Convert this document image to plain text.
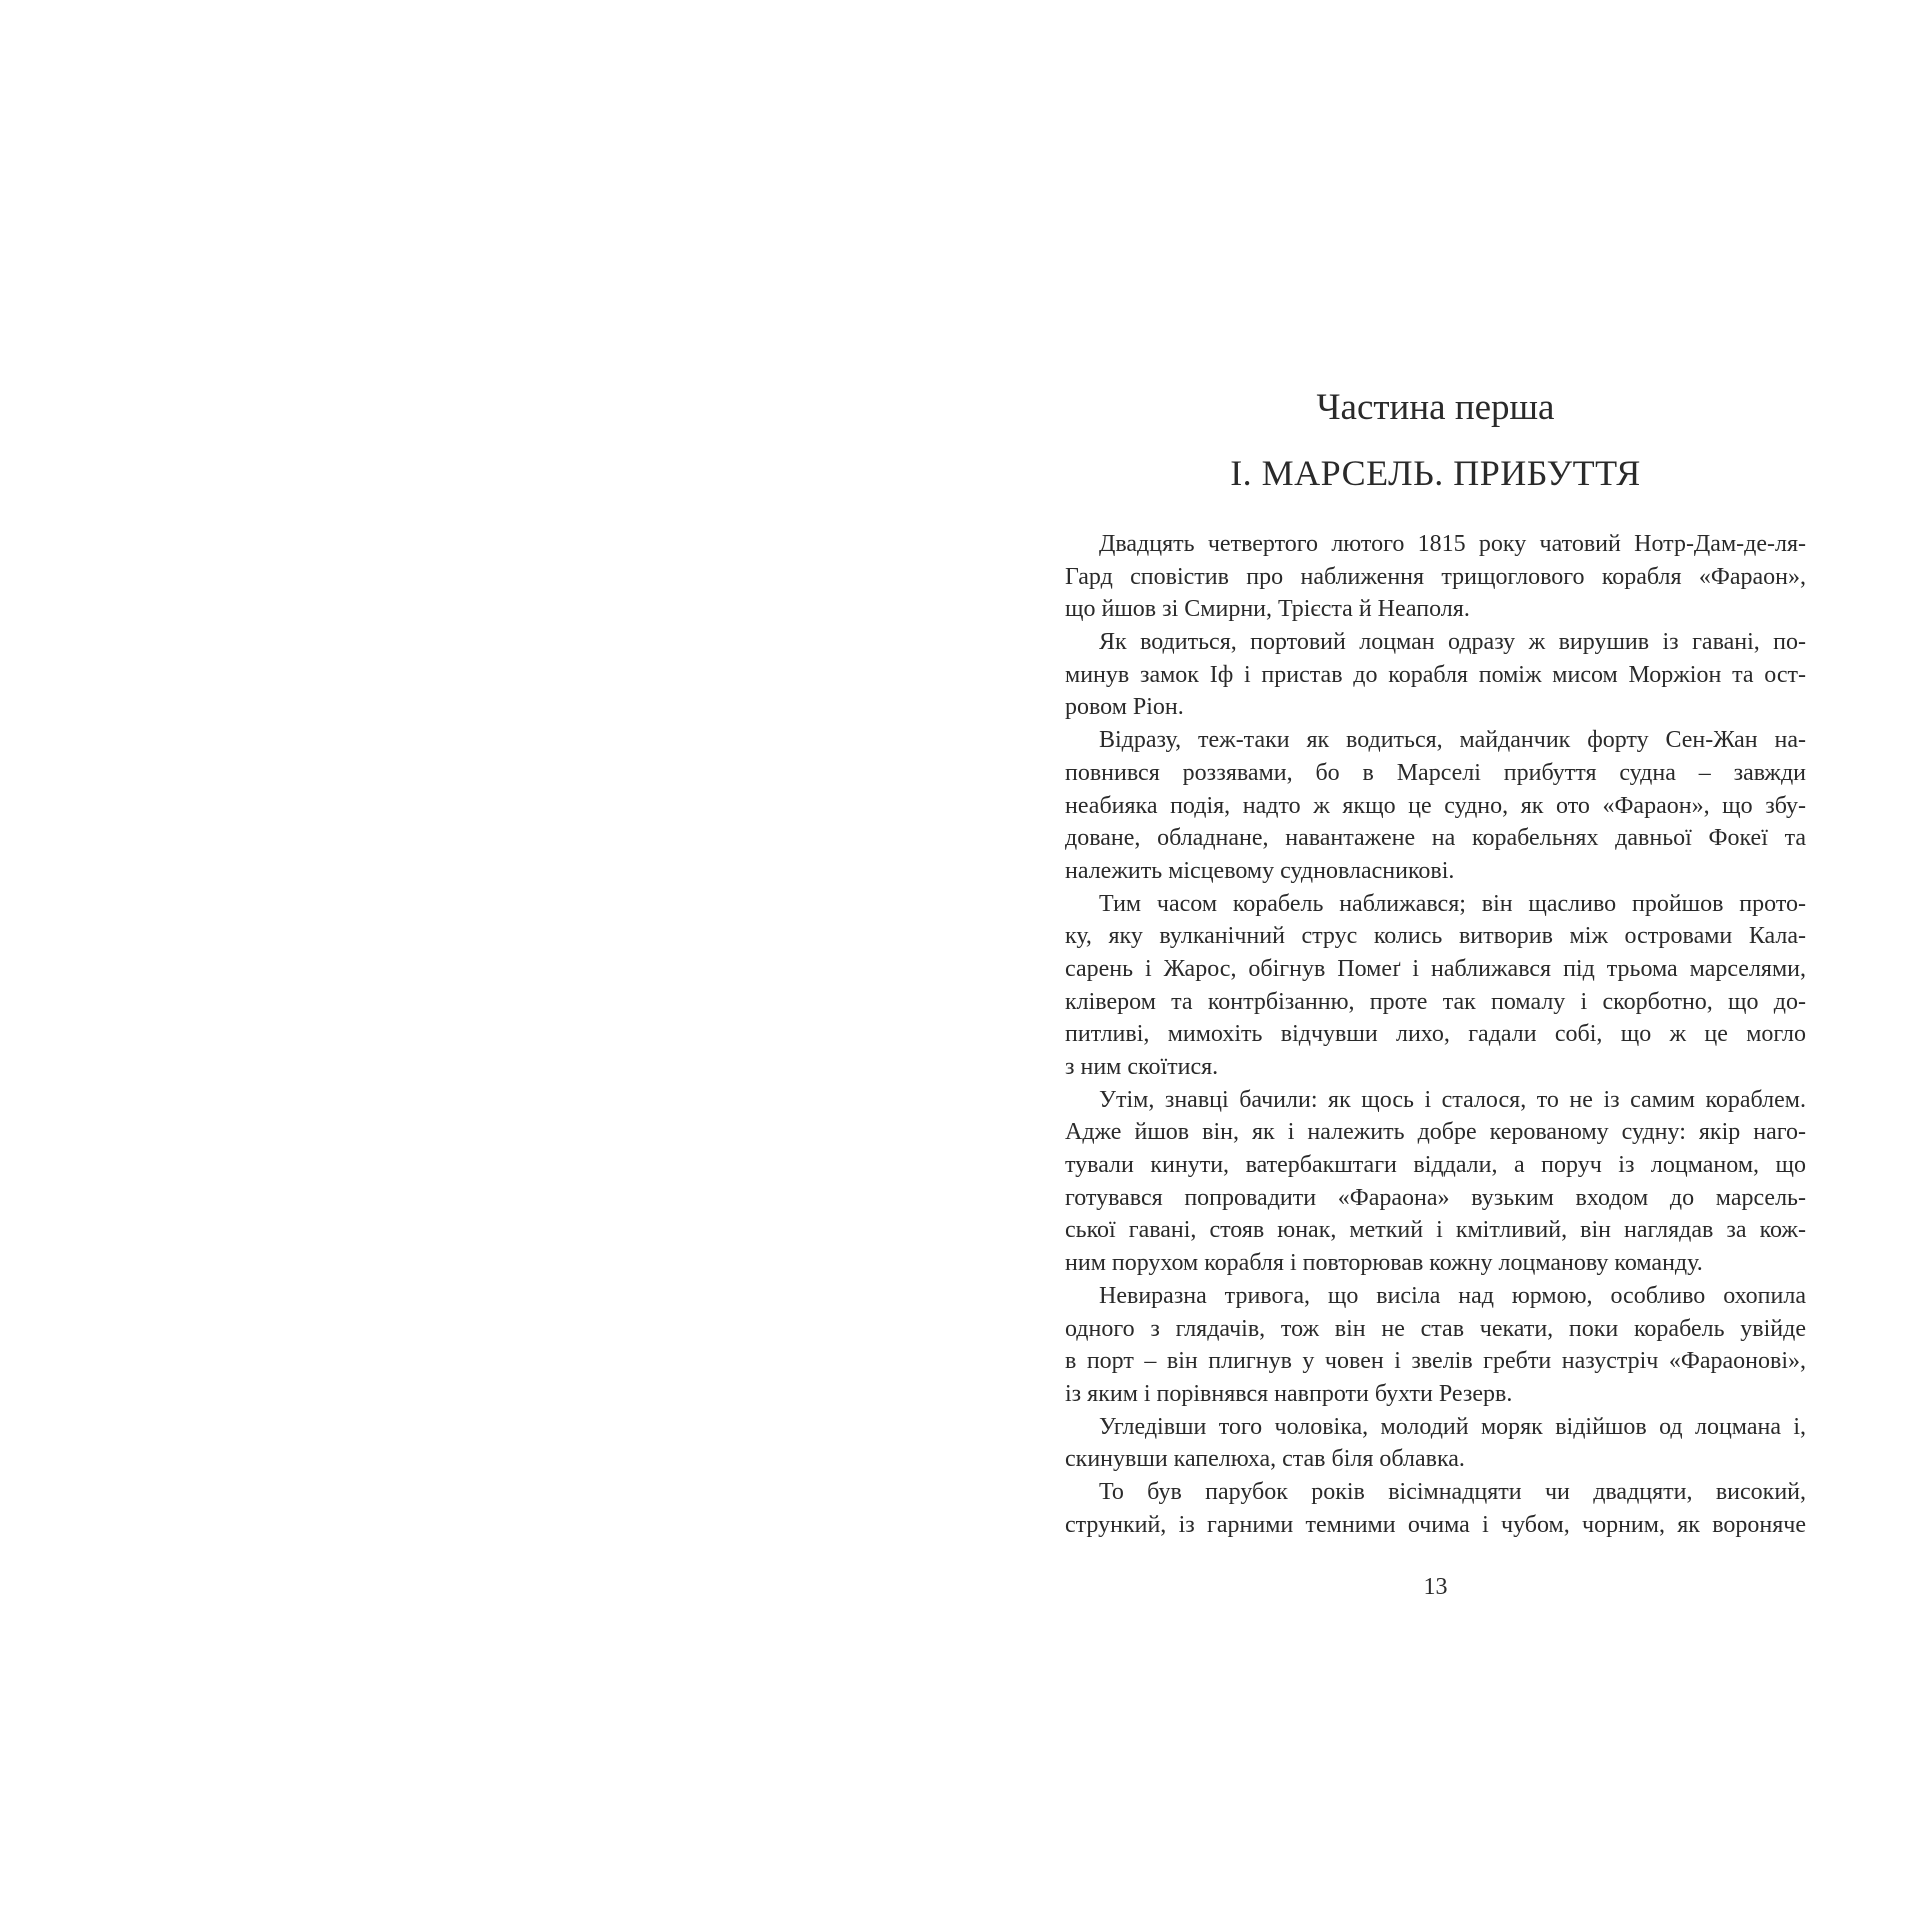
Частина перша
I. МАРСЕЛЬ. ПРИБУТТЯ
Двадцять четвертого лютого 1815 року чатовий Нотр-Дам-де-ля-
Гард сповістив про наближення трищоглового корабля «Фараон»,
що йшов зі Смирни, Трієста й Неаполя.
Як водиться, портовий лоцман одразу ж вирушив із гавані, по-
минув замок Іф і пристав до корабля поміж мисом Моржіон та ост-
ровом Ріон.
Відразу, теж-таки як водиться, майданчик форту Сен-Жан на-
повнився роззявами, бо в Марселі прибуття судна – завжди
неабияка подія, надто ж якщо це судно, як ото «Фараон», що збу-
доване, обладнане, навантажене на корабельнях давньої Фокеї та
належить місцевому судновласникові.
Тим часом корабель наближався; він щасливо пройшов прото-
ку, яку вулканічний струс колись витворив між островами Кала-
сарень і Жарос, обігнув Помеґ і наближався під трьома марселями,
клівером та контрбізанню, проте так помалу і скорботно, що до-
питливі, мимохіть відчувши лихо, гадали собі, що ж це могло
з ним скоїтися.
Утім, знавці бачили: як щось і сталося, то не із самим кораблем.
Адже йшов він, як і належить добре керованому судну: якір наго-
тували кинути, ватербакштаги віддали, а поруч із лоцманом, що
готувався попровадити «Фараона» вузьким входом до марсель-
ської гавані, стояв юнак, меткий і кмітливий, він наглядав за кож-
ним порухом корабля і повторював кожну лоцманову команду.
Невиразна тривога, що висіла над юрмою, особливо охопила
одного з глядачів, тож він не став чекати, поки корабель увійде
в порт – він плигнув у човен і звелів гребти назустріч «Фараонові»,
із яким і порівнявся навпроти бухти Резерв.
Угледівши того чоловіка, молодий моряк відійшов од лоцмана і,
скинувши капелюха, став біля облавка.
То був парубок років вісімнадцяти чи двадцяти, високий,
стрункий, із гарними темними очима і чубом, чорним, як вороняче
13
